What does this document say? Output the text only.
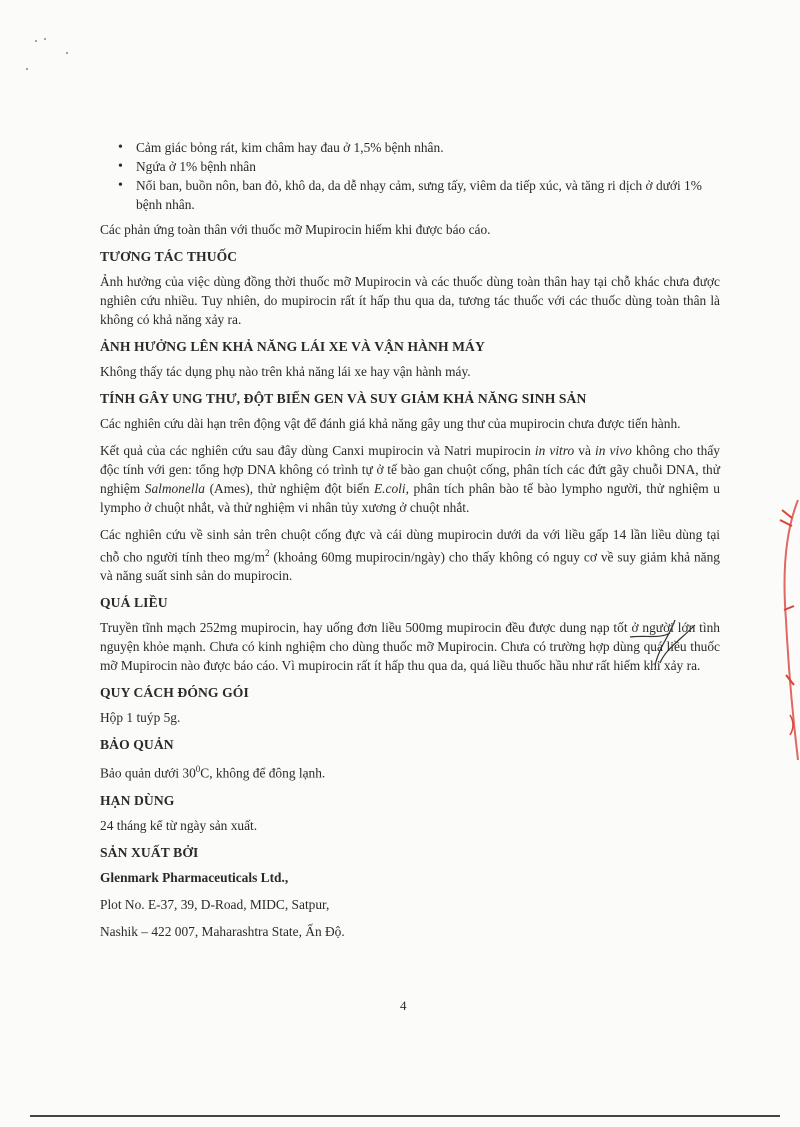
• Cảm giác bỏng rát, kim châm hay đau ở 1,5% bệnh nhân.
• Ngứa ở 1% bệnh nhân
• Nổi ban, buồn nôn, ban đỏ, khô da, da dễ nhạy cảm, sưng tấy, viêm da tiếp xúc, và tăng ri dịch ở dưới 1% bệnh nhân.

Các phản ứng toàn thân với thuốc mỡ Mupirocin hiếm khi được báo cáo.

TƯƠNG TÁC THUỐC

Ảnh hưởng của việc dùng đồng thời thuốc mỡ Mupirocin và các thuốc dùng toàn thân hay tại chỗ khác chưa được nghiên cứu nhiều. Tuy nhiên, do mupirocin rất ít hấp thu qua da, tương tác thuốc với các thuốc dùng toàn thân là không có khả năng xảy ra.

ẢNH HƯỞNG LÊN KHẢ NĂNG LÁI XE VÀ VẬN HÀNH MÁY

Không thấy tác dụng phụ nào trên khả năng lái xe hay vận hành máy.

TÍNH GÂY UNG THƯ, ĐỘT BIẾN GEN VÀ SUY GIẢM KHẢ NĂNG SINH SẢN

Các nghiên cứu dài hạn trên động vật để đánh giá khả năng gây ung thư của mupirocin chưa được tiến hành.

Kết quả của các nghiên cứu sau đây dùng Canxi mupirocin và Natri mupirocin in vitro và in vivo không cho thấy độc tính với gen: tổng hợp DNA không có trình tự ở tế bào gan chuột cống, phân tích các đứt gãy chuỗi DNA, thử nghiệm Salmonella (Ames), thử nghiệm đột biến E.coli, phân tích phân bào tế bào lympho người, thử nghiệm u lympho ở chuột nhắt, và thử nghiệm vi nhân tủy xương ở chuột nhắt.

Các nghiên cứu về sinh sản trên chuột cống đực và cái dùng mupirocin dưới da với liều gấp 14 lần liều dùng tại chỗ cho người tính theo $mg/m^2$ (khoảng 60mg mupirocin/ngày) cho thấy không có nguy cơ về suy giảm khả năng và năng suất sinh sản do mupirocin.

QUÁ LIỀU

Truyền tĩnh mạch 252mg mupirocin, hay uống đơn liều 500mg mupirocin đều được dung nạp tốt ở người lớn tình nguyện khỏe mạnh. Chưa có kinh nghiệm cho dùng thuốc mỡ Mupirocin. Chưa có trường hợp dùng quá liều thuốc mỡ Mupirocin nào được báo cáo. Vì mupirocin rất ít hấp thu qua da, quá liều thuốc hầu như rất hiếm khi xảy ra.

QUY CÁCH ĐÓNG GÓI

Hộp 1 tuýp 5g.

BẢO QUẢN

Bảo quản dưới $30^0C$, không để đông lạnh.

HẠN DÙNG

24 tháng kể từ ngày sản xuất.

SẢN XUẤT BỞI
Glenmark Pharmaceuticals Ltd.,
Plot No. E-37, 39, D-Road, MIDC, Satpur,
Nashik – 422 007, Maharashtra State, Ấn Độ.
4
